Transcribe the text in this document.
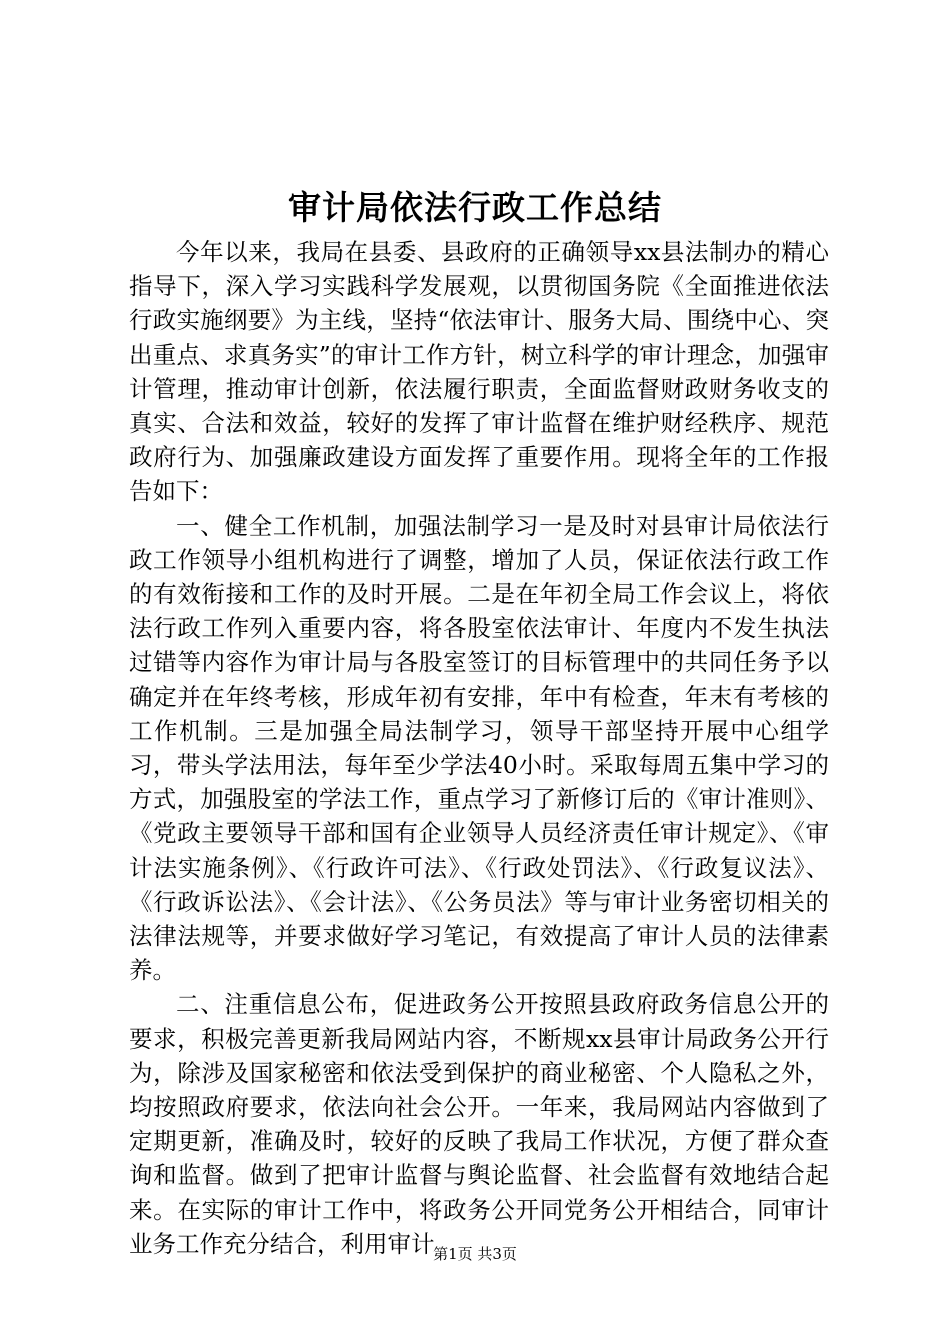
审计局依法行政工作总结

今年以来，我局在县委、县政府的正确领导xx县法制办的精心指导下，深入学习实践科学发展观，以贯彻国务院《全面推进依法行政实施纲要》为主线，坚持“依法审计、服务大局、围绕中心、突出重点、求真务实”的审计工作方针，树立科学的审计理念，加强审计管理，推动审计创新，依法履行职责，全面监督财政财务收支的真实、合法和效益，较好的发挥了审计监督在维护财经秩序、规范政府行为、加强廉政建设方面发挥了重要作用。现将全年的工作报告如下：

一、健全工作机制，加强法制学习一是及时对县审计局依法行政工作领导小组机构进行了调整，增加了人员，保证依法行政工作的有效衔接和工作的及时开展。二是在年初全局工作会议上，将依法行政工作列入重要内容，将各股室依法审计、年度内不发生执法过错等内容作为审计局与各股室签订的目标管理中的共同任务予以确定并在年终考核，形成年初有安排，年中有检查，年末有考核的工作机制。三是加强全局法制学习，领导干部坚持开展中心组学习，带头学法用法，每年至少学法40小时。采取每周五集中学习的方式，加强股室的学法工作，重点学习了新修订后的《审计准则》、《党政主要领导干部和国有企业领导人员经济责任审计规定》、《审计法实施条例》、《行政许可法》、《行政处罚法》、《行政复议法》、《行政诉讼法》、《会计法》、《公务员法》等与审计业务密切相关的法律法规等，并要求做好学习笔记，有效提高了审计人员的法律素养。

二、注重信息公布，促进政务公开按照县政府政务信息公开的要求，积极完善更新我局网站内容，不断规xx县审计局政务公开行为，除涉及国家秘密和依法受到保护的商业秘密、个人隐私之外，均按照政府要求，依法向社会公开。一年来，我局网站内容做到了定期更新，准确及时，较好的反映了我局工作状况，方便了群众查询和监督。做到了把审计监督与舆论监督、社会监督有效地结合起来。在实际的审计工作中，将政务公开同党务公开相结合，同审计业务工作充分结合，利用审计

第1页 共3页
